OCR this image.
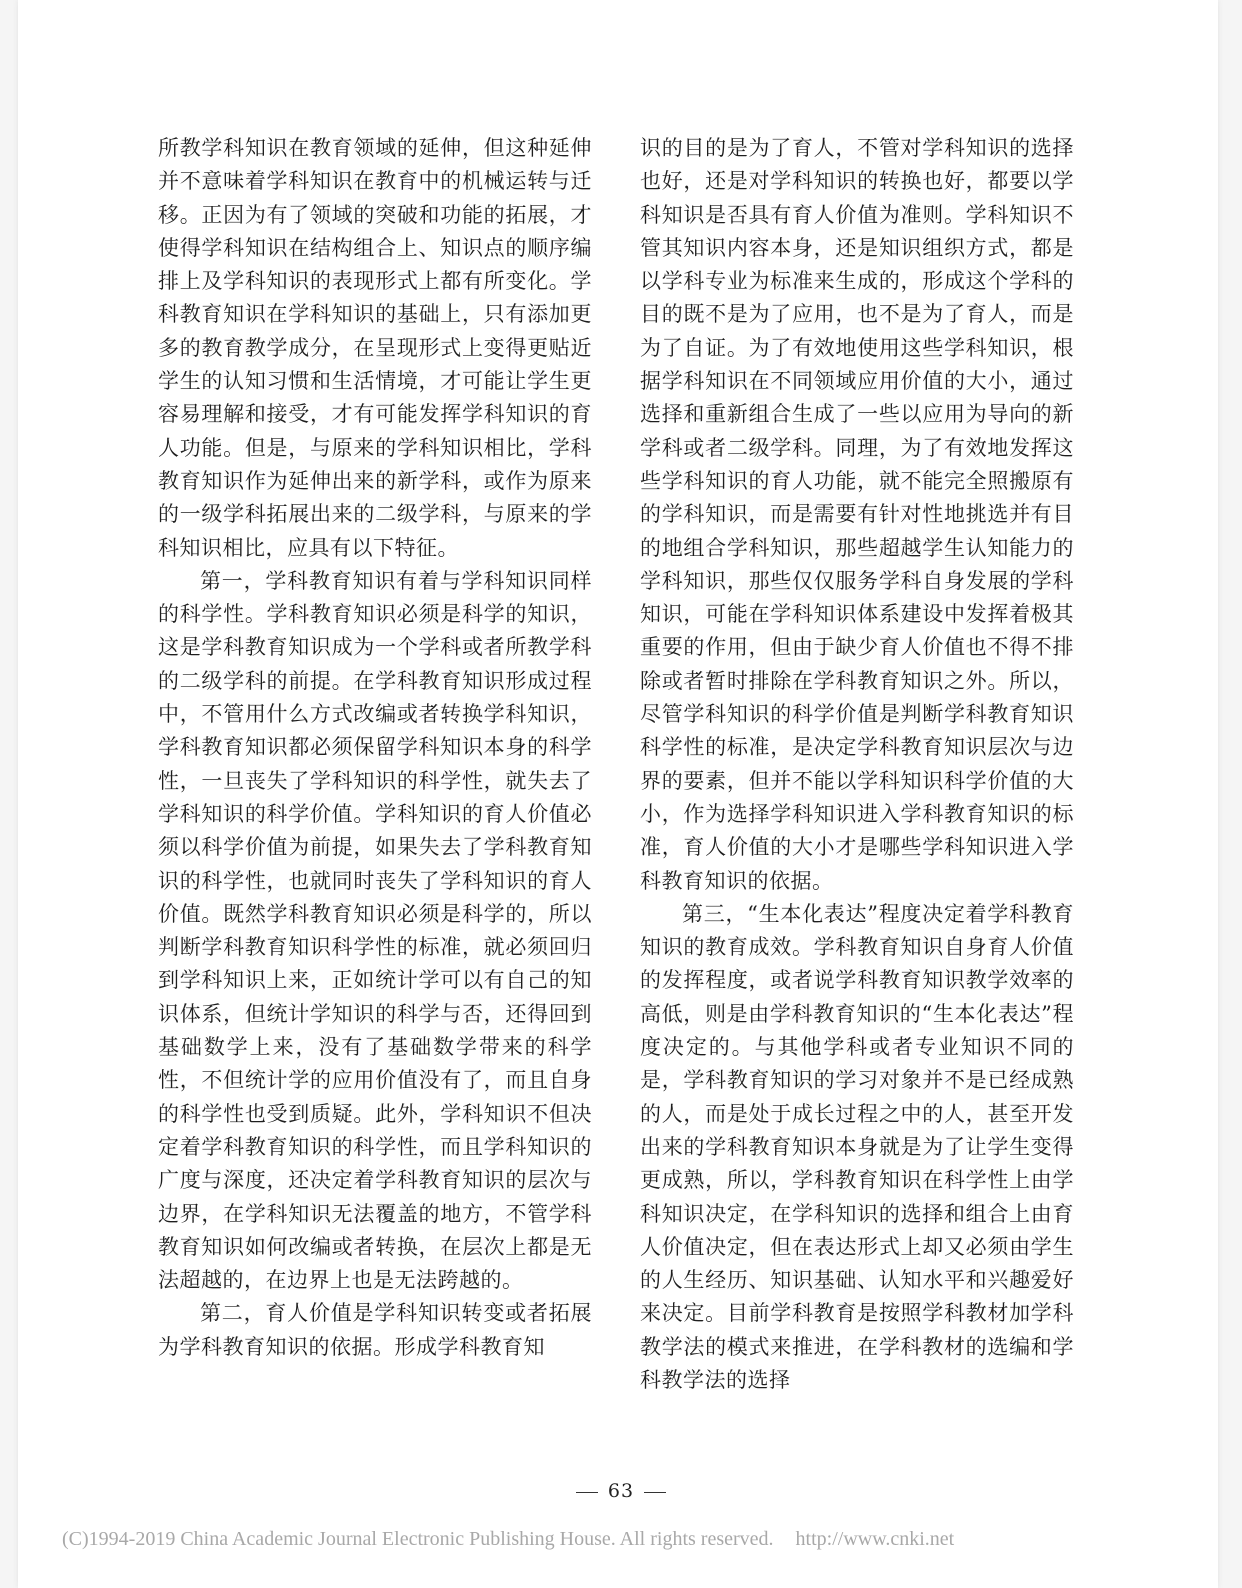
所教学科知识在教育领域的延伸，但这种延伸并不意味着学科知识在教育中的机械运转与迁移。正因为有了领域的突破和功能的拓展，才使得学科知识在结构组合上、知识点的顺序编排上及学科知识的表现形式上都有所变化。学科教育知识在学科知识的基础上，只有添加更多的教育教学成分，在呈现形式上变得更贴近学生的认知习惯和生活情境，才可能让学生更容易理解和接受，才有可能发挥学科知识的育人功能。但是，与原来的学科知识相比，学科教育知识作为延伸出来的新学科，或作为原来的一级学科拓展出来的二级学科，与原来的学科知识相比，应具有以下特征。

第一，学科教育知识有着与学科知识同样的科学性。学科教育知识必须是科学的知识，这是学科教育知识成为一个学科或者所教学科的二级学科的前提。在学科教育知识形成过程中，不管用什么方式改编或者转换学科知识，学科教育知识都必须保留学科知识本身的科学性，一旦丧失了学科知识的科学性，就失去了学科知识的科学价值。学科知识的育人价值必须以科学价值为前提，如果失去了学科教育知识的科学性，也就同时丧失了学科知识的育人价值。既然学科教育知识必须是科学的，所以判断学科教育知识科学性的标准，就必须回归到学科知识上来，正如统计学可以有自己的知识体系，但统计学知识的科学与否，还得回到基础数学上来，没有了基础数学带来的科学性，不但统计学的应用价值没有了，而且自身的科学性也受到质疑。此外，学科知识不但决定着学科教育知识的科学性，而且学科知识的广度与深度，还决定着学科教育知识的层次与边界，在学科知识无法覆盖的地方，不管学科教育知识如何改编或者转换，在层次上都是无法超越的，在边界上也是无法跨越的。

第二，育人价值是学科知识转变或者拓展为学科教育知识的依据。形成学科教育知

识的目的是为了育人，不管对学科知识的选择也好，还是对学科知识的转换也好，都要以学科知识是否具有育人价值为准则。学科知识不管其知识内容本身，还是知识组织方式，都是以学科专业为标准来生成的，形成这个学科的目的既不是为了应用，也不是为了育人，而是为了自证。为了有效地使用这些学科知识，根据学科知识在不同领域应用价值的大小，通过选择和重新组合生成了一些以应用为导向的新学科或者二级学科。同理，为了有效地发挥这些学科知识的育人功能，就不能完全照搬原有的学科知识，而是需要有针对性地挑选并有目的地组合学科知识，那些超越学生认知能力的学科知识，那些仅仅服务学科自身发展的学科知识，可能在学科知识体系建设中发挥着极其重要的作用，但由于缺少育人价值也不得不排除或者暂时排除在学科教育知识之外。所以，尽管学科知识的科学价值是判断学科教育知识科学性的标准，是决定学科教育知识层次与边界的要素，但并不能以学科知识科学价值的大小，作为选择学科知识进入学科教育知识的标准，育人价值的大小才是哪些学科知识进入学科教育知识的依据。

第三，“生本化表达”程度决定着学科教育知识的教育成效。学科教育知识自身育人价值的发挥程度，或者说学科教育知识教学效率的高低，则是由学科教育知识的“生本化表达”程度决定的。与其他学科或者专业知识不同的是，学科教育知识的学习对象并不是已经成熟的人，而是处于成长过程之中的人，甚至开发出来的学科教育知识本身就是为了让学生变得更成熟，所以，学科教育知识在科学性上由学科知识决定，在学科知识的选择和组合上由育人价值决定，但在表达形式上却又必须由学生的人生经历、知识基础、认知水平和兴趣爱好来决定。目前学科教育是按照学科教材加学科教学法的模式来推进，在学科教材的选编和学科教学法的选择

63
(C)1994-2019 China Academic Journal Electronic Publishing House. All rights reserved. http://www.cnki.net
